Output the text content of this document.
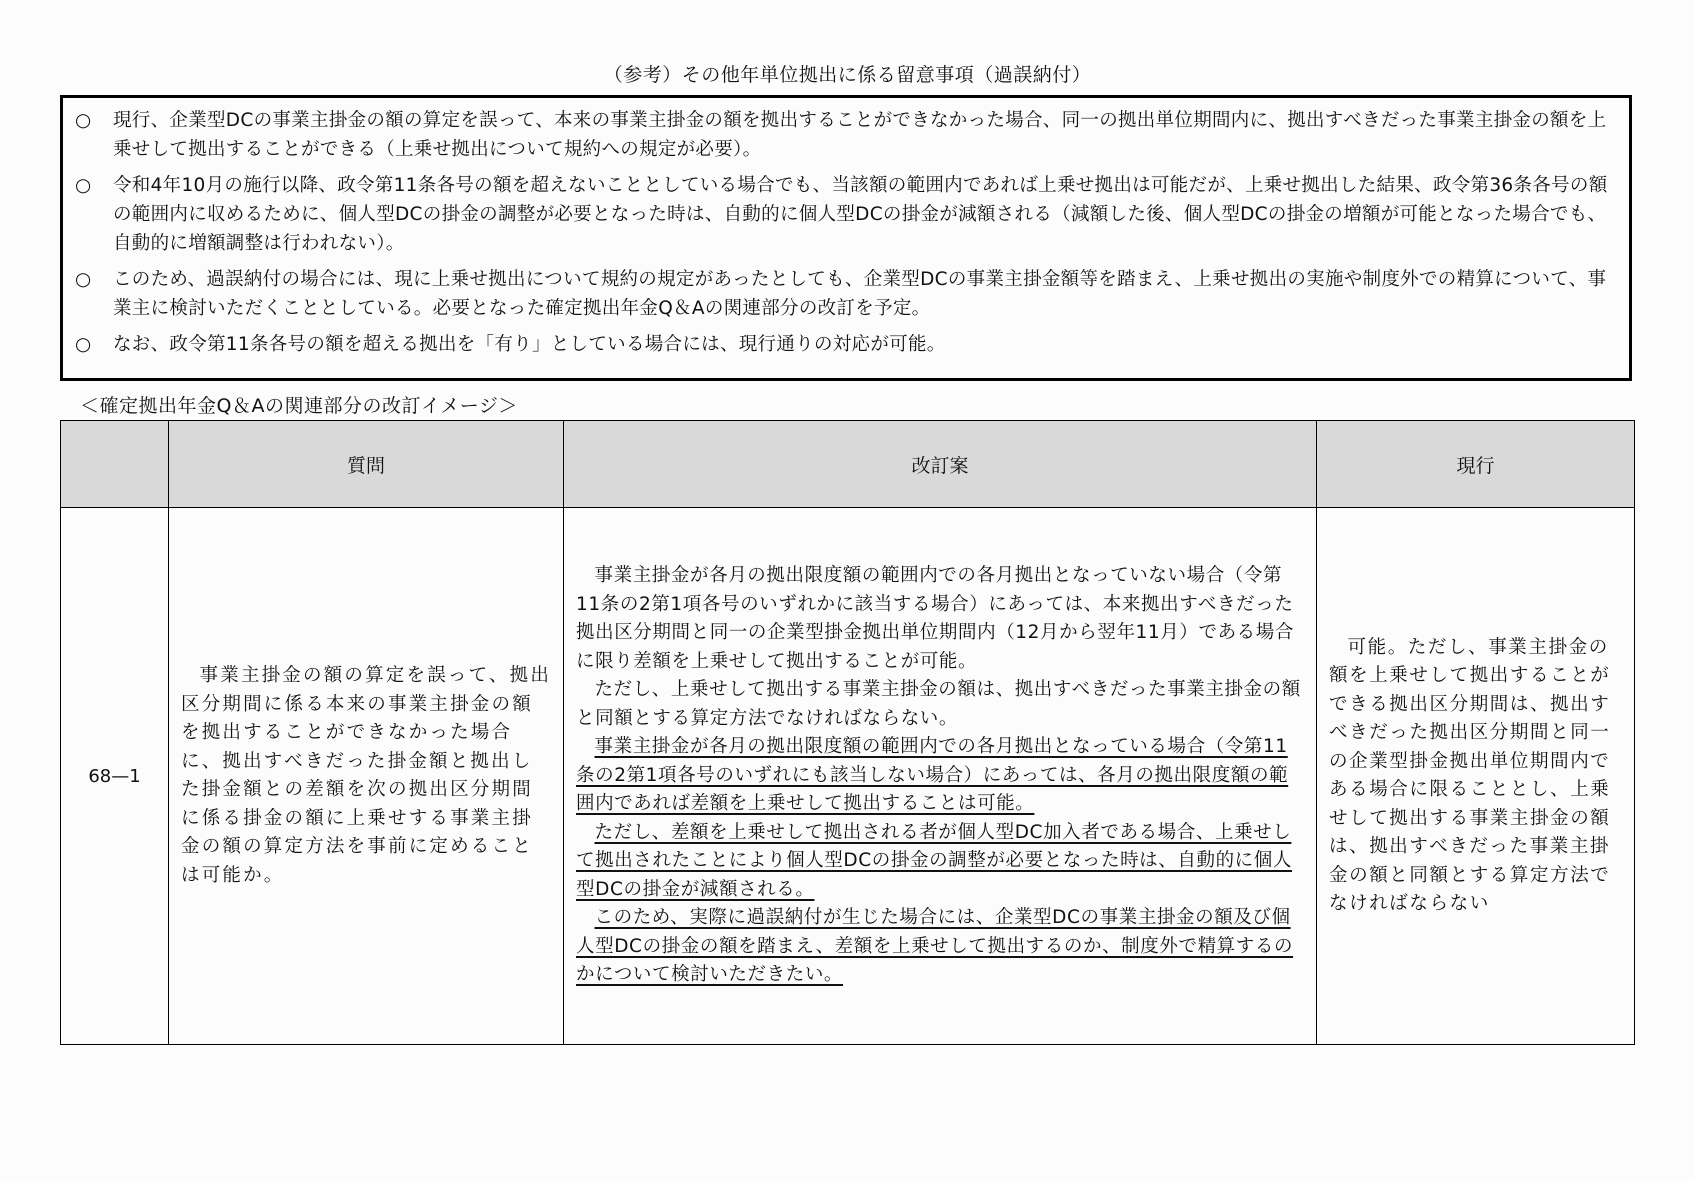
（参考）その他年単位拠出に係る留意事項（過誤納付）
○	現行、企業型DCの事業主掛金の額の算定を誤って、本来の事業主掛金の額を拠出することができなかった場合、同一の拠出単位期間内に、拠出すべきだった事業主掛金の額を上乗せして拠出することができる（上乗せ拠出について規約への規定が必要）。
○	令和4年10月の施行以降、政令第11条各号の額を超えないこととしている場合でも、当該額の範囲内であれば上乗せ拠出は可能だが、上乗せ拠出した結果、政令第36条各号の額の範囲内に収めるために、個人型DCの掛金の調整が必要となった時は、自動的に個人型DCの掛金が減額される（減額した後、個人型DCの掛金の増額が可能となった場合でも、自動的に増額調整は行われない）。
○	このため、過誤納付の場合には、現に上乗せ拠出について規約の規定があったとしても、企業型DCの事業主掛金額等を踏まえ、上乗せ拠出の実施や制度外での精算について、事業主に検討いただくこととしている。必要となった確定拠出年金Q＆Aの関連部分の改訂を予定。
○	なお、政令第11条各号の額を超える拠出を「有り」としている場合には、現行通りの対応が可能。
＜確定拠出年金Q＆Aの関連部分の改訂イメージ＞
	質問	改訂案	現行
68—1	事業主掛金の額の算定を誤って、拠出区分期間に係る本来の事業主掛金の額を拠出することができなかった場合に、拠出すべきだった掛金額と拠出した掛金額との差額を次の拠出区分期間に係る掛金の額に上乗せする事業主掛金の額の算定方法を事前に定めることは可能か。	事業主掛金が各月の拠出限度額の範囲内での各月拠出となっていない場合（令第11条の2第1項各号のいずれかに該当する場合）にあっては、本来拠出すべきだった拠出区分期間と同一の企業型掛金拠出単位期間内（12月から翌年11月）である場合に限り差額を上乗せして拠出することが可能。

ただし、上乗せして拠出する事業主掛金の額は、拠出すべきだった事業主掛金の額と同額とする算定方法でなければならない。

事業主掛金が各月の拠出限度額の範囲内での各月拠出となっている場合（令第11条の2第1項各号のいずれにも該当しない場合）にあっては、各月の拠出限度額の範囲内であれば差額を上乗せして拠出することは可能。

ただし、差額を上乗せして拠出される者が個人型DC加入者である場合、上乗せして拠出されたことにより個人型DCの掛金の調整が必要となった時は、自動的に個人型DCの掛金が減額される。

このため、実際に過誤納付が生じた場合には、企業型DCの事業主掛金の額及び個人型DCの掛金の額を踏まえ、差額を上乗せして拠出するのか、制度外で精算するのかについて検討いただきたい。	可能。ただし、事業主掛金の額を上乗せして拠出することができる拠出区分期間は、拠出すべきだった拠出区分期間と同一の企業型掛金拠出単位期間内である場合に限ることとし、上乗せして拠出する事業主掛金の額は、拠出すべきだった事業主掛金の額と同額とする算定方法でなければならない
